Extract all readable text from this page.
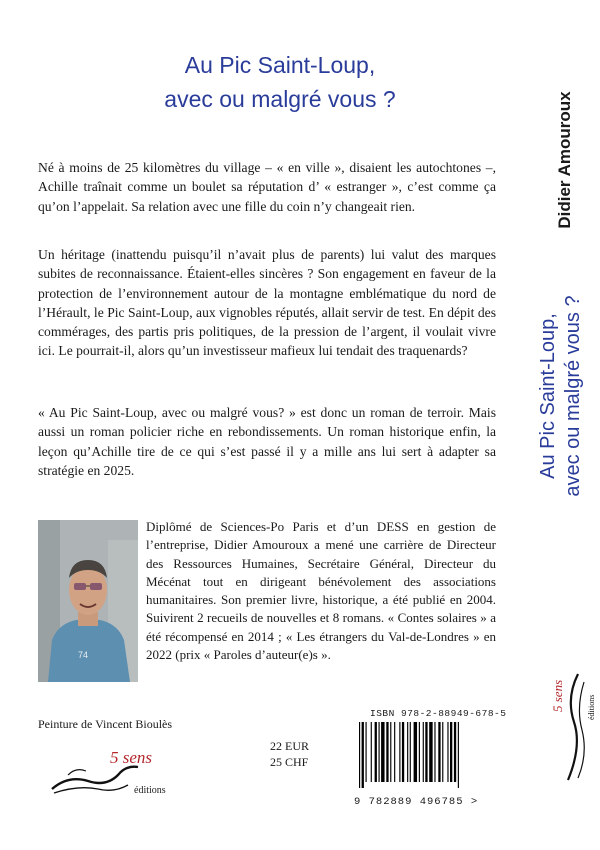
Au Pic Saint-Loup,
avec ou malgré vous ?

Né à moins de 25 kilomètres du village – « en ville », disaient les autochtones –, Achille traînait comme un boulet sa réputation d’ « estranger », c’est comme ça qu’on l’appelait. Sa relation avec une fille du coin n’y changeait rien.

Un héritage (inattendu puisqu’il n’avait plus de parents) lui valut des marques subites de reconnaissance. Étaient-elles sincères ? Son engagement en faveur de la protection de l’environnement autour de la montagne emblématique du nord de l’Hérault, le Pic Saint-Loup, aux vignobles réputés, allait servir de test. En dépit des commérages, des partis pris politiques, de la pression de l’argent, il voulait vivre ici. Le pourrait-il, alors qu’un investisseur mafieux lui tendait des traquenards?

« Au Pic Saint-Loup, avec ou malgré vous? » est donc un roman de terroir. Mais aussi un roman policier riche en rebondissements. Un roman historique enfin, la leçon qu’Achille tire de ce qui s’est passé il y a mille ans lui sert à adapter sa stratégie en 2025.

74

Diplômé de Sciences-Po Paris et d’un DESS en gestion de l’entreprise, Didier Amouroux a mené une carrière de Directeur des Ressources Humaines, Secrétaire Général, Directeur du Mécénat tout en dirigeant bénévolement des associations humanitaires. Son premier livre, historique, a été publié en 2004. Suivirent 2 recueils de nouvelles et 8 romans. « Contes solaires » a été récompensé en 2014 ; « Les étrangers du Val-de-Londres » en 2022 (prix « Paroles d’auteur(e)s ».

Peinture de Vincent Bioulès
5 sens
éditions
22 EUR
25 CHF
ISBN 978-2-88949-678-5
9 782889 496785 >
Didier Amouroux
Au Pic Saint-Loup, avec ou malgré vous ?
5 sens	éditions
